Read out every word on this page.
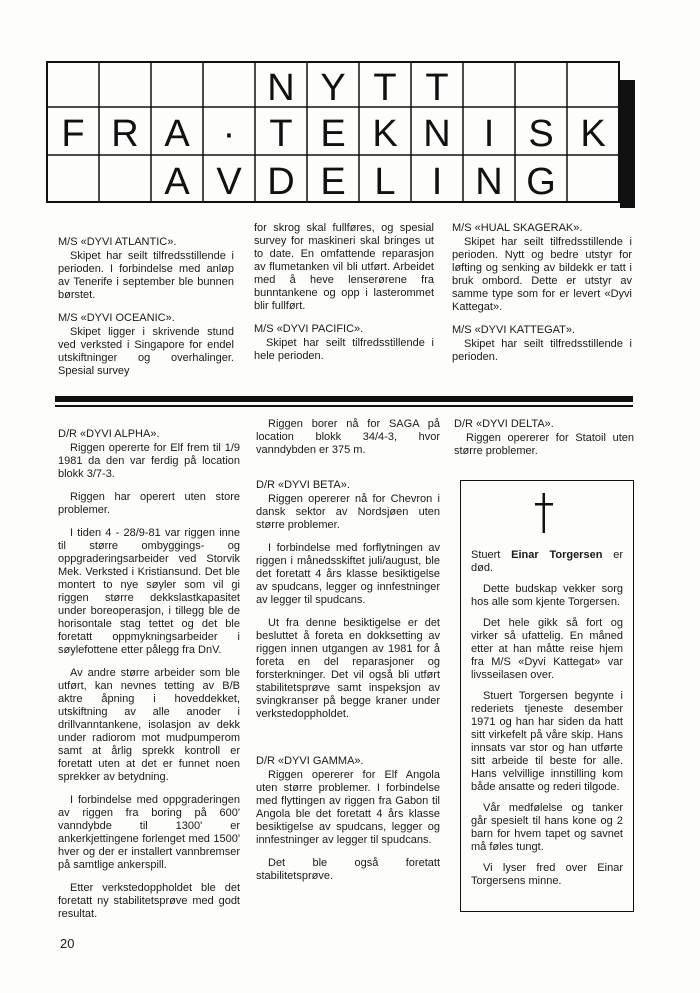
N Y T T
F R A · T E K N I S K
A V D E L I N G
M/S «DYVI ATLANTIC».

Skipet har seilt tilfredsstillende i perioden. I forbindelse med anløp av Tenerife i september ble bunnen børstet.

M/S «DYVI OCEANIC».

Skipet ligger i skrivende stund ved verksted i Singapore for endel utskiftninger og overhalinger. Spesial survey

for skrog skal fullføres, og spesial survey for maskineri skal bringes ut to date. En omfattende reparasjon av flumetanken vil bli utført. Arbeidet med å heve lenserørene fra bunntankene og opp i lasterommet blir fullført.

M/S «DYVI PACIFIC».

Skipet har seilt tilfredsstillende i hele perioden.

M/S «HUAL SKAGERAK».

Skipet har seilt tilfredsstillende i perioden. Nytt og bedre utstyr for løfting og senking av bildekk er tatt i bruk ombord. Dette er utstyr av samme type som for er levert «Dyvi Kattegat».

M/S «DYVI KATTEGAT».

Skipet har seilt tilfredsstillende i perioden.

D/R «DYVI ALPHA».

Riggen opererte for Elf frem til 1/9 1981 da den var ferdig på location blokk 3/7-3.

Riggen har operert uten store problemer.

I tiden 4 - 28/9-81 var riggen inne til større ombyggings- og oppgraderingsarbeider ved Storvik Mek. Verksted i Kristiansund. Det ble montert to nye søyler som vil gi riggen større dekkslastkapasitet under boreoperasjon, i tillegg ble de horisontale stag tettet og det ble foretatt oppmykningsarbeider i søylefottene etter pålegg fra DnV.

Av andre større arbeider som ble utført, kan nevnes tetting av B/B aktre åpning i hoveddekket, utskiftning av alle anoder i drillvanntankene, isolasjon av dekk under radiorom mot mudpumperom samt at årlig sprekk kontroll er foretatt uten at det er funnet noen sprekker av betydning.

I forbindelse med oppgraderingen av riggen fra boring på 600' vanndybde til 1300' er ankerkjettingene forlenget med 1500' hver og der er installert vannbremser på samtlige ankerspill.

Etter verkstedoppholdet ble det foretatt ny stabilitetsprøve med godt resultat.

Riggen borer nå for SAGA på location blokk 34/4-3, hvor vanndybden er 375 m.

D/R «DYVI BETA».

Riggen opererer nå for Chevron i dansk sektor av Nordsjøen uten større problemer.

I forbindelse med forflytningen av riggen i månedsskiftet juli/august, ble det foretatt 4 års klasse besiktigelse av spudcans, legger og innfestninger av legger til spudcans.

Ut fra denne besiktigelse er det besluttet å foreta en dokksetting av riggen innen utgangen av 1981 for å foreta en del reparasjoner og forsterkninger. Det vil også bli utført stabilitetsprøve samt inspeksjon av svingkranser på begge kraner under verkstedoppholdet.

D/R «DYVI GAMMA».

Riggen opererer for Elf Angola uten større problemer. I forbindelse med flyttingen av riggen fra Gabon til Angola ble det foretatt 4 års klasse besiktigelse av spudcans, legger og innfestninger av legger til spudcans.

Det ble også foretatt stabilitetsprøve.

D/R «DYVI DELTA».

Riggen opererer for Statoil uten større problemer.

Stuert Einar Torgersen er død.

Dette budskap vekker sorg hos alle som kjente Torgersen.

Det hele gikk så fort og virker så ufattelig. En måned etter at han måtte reise hjem fra M/S «Dyvi Kattegat» var livsseilasen over.

Stuert Torgersen begynte i rederiets tjeneste desember 1971 og han har siden da hatt sitt virkefelt på våre skip. Hans innsats var stor og han utførte sitt arbeide til beste for alle. Hans velvillige innstilling kom både ansatte og rederi tilgode.

Vår medfølelse og tanker går spesielt til hans kone og 2 barn for hvem tapet og savnet må føles tungt.

Vi lyser fred over Einar Torgersens minne.

20
